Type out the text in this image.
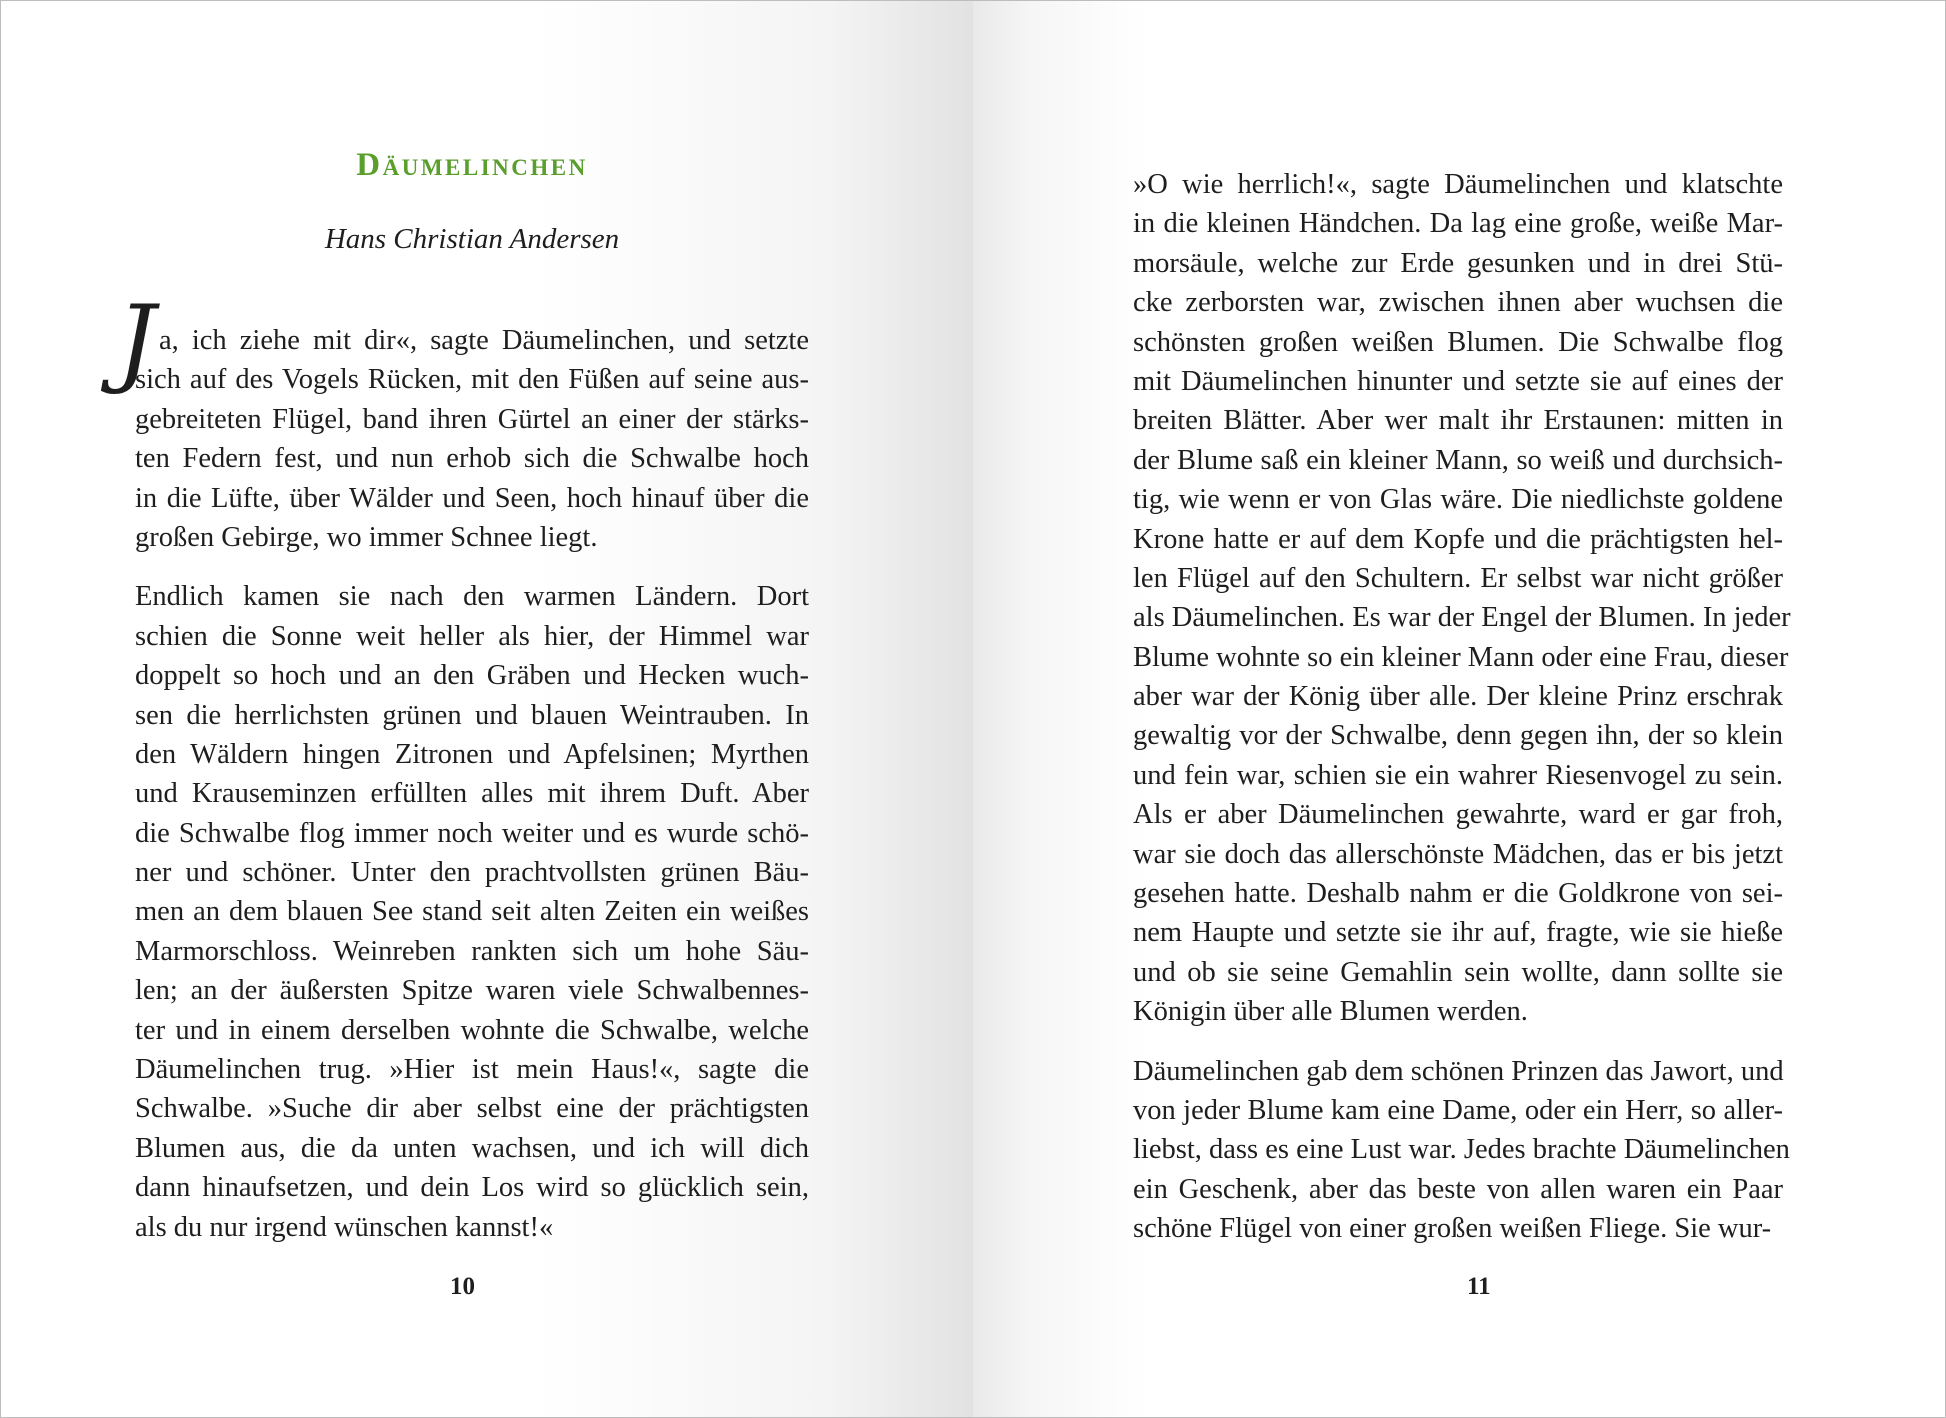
Däumelinchen
Hans Christian Andersen
J a, ich ziehe mit dir«, sagte Däumelinchen, und setzte
sich auf des Vogels Rücken, mit den Füßen auf seine aus-
gebreiteten Flügel, band ihren Gürtel an einer der stärks-
ten Federn fest, und nun erhob sich die Schwalbe hoch
in die Lüfte, über Wälder und Seen, hoch hinauf über die
großen Gebirge, wo immer Schnee liegt.
Endlich kamen sie nach den warmen Ländern. Dort
schien die Sonne weit heller als hier, der Himmel war
doppelt so hoch und an den Gräben und Hecken wuch-
sen die herrlichsten grünen und blauen Weintrauben. In
den Wäldern hingen Zitronen und Apfelsinen; Myrthen
und Krauseminzen erfüllten alles mit ihrem Duft. Aber
die Schwalbe flog immer noch weiter und es wurde schö-
ner und schöner. Unter den prachtvollsten grünen Bäu-
men an dem blauen See stand seit alten Zeiten ein weißes
Marmorschloss. Weinreben rankten sich um hohe Säu-
len; an der äußersten Spitze waren viele Schwalbennes-
ter und in einem derselben wohnte die Schwalbe, welche
Däumelinchen trug. »Hier ist mein Haus!«, sagte die
Schwalbe. »Suche dir aber selbst eine der prächtigsten
Blumen aus, die da unten wachsen, und ich will dich
dann hinaufsetzen, und dein Los wird so glücklich sein,
als du nur irgend wünschen kannst!«
10
»O wie herrlich!«, sagte Däumelinchen und klatschte
in die kleinen Händchen. Da lag eine große, weiße Mar-
morsäule, welche zur Erde gesunken und in drei Stü-
cke zerborsten war, zwischen ihnen aber wuchsen die
schönsten großen weißen Blumen. Die Schwalbe flog
mit Däumelinchen hinunter und setzte sie auf eines der
breiten Blätter. Aber wer malt ihr Erstaunen: mitten in
der Blume saß ein kleiner Mann, so weiß und durchsich-
tig, wie wenn er von Glas wäre. Die niedlichste goldene
Krone hatte er auf dem Kopfe und die prächtigsten hel-
len Flügel auf den Schultern. Er selbst war nicht größer
als Däumelinchen. Es war der Engel der Blumen. In jeder
Blume wohnte so ein kleiner Mann oder eine Frau, dieser
aber war der König über alle. Der kleine Prinz erschrak
gewaltig vor der Schwalbe, denn gegen ihn, der so klein
und fein war, schien sie ein wahrer Riesenvogel zu sein.
Als er aber Däumelinchen gewahrte, ward er gar froh,
war sie doch das allerschönste Mädchen, das er bis jetzt
gesehen hatte. Deshalb nahm er die Goldkrone von sei-
nem Haupte und setzte sie ihr auf, fragte, wie sie hieße
und ob sie seine Gemahlin sein wollte, dann sollte sie
Königin über alle Blumen werden.
Däumelinchen gab dem schönen Prinzen das Jawort, und
von jeder Blume kam eine Dame, oder ein Herr, so aller-
liebst, dass es eine Lust war. Jedes brachte Däumelinchen
ein Geschenk, aber das beste von allen waren ein Paar
schöne Flügel von einer großen weißen Fliege. Sie wur-
11
